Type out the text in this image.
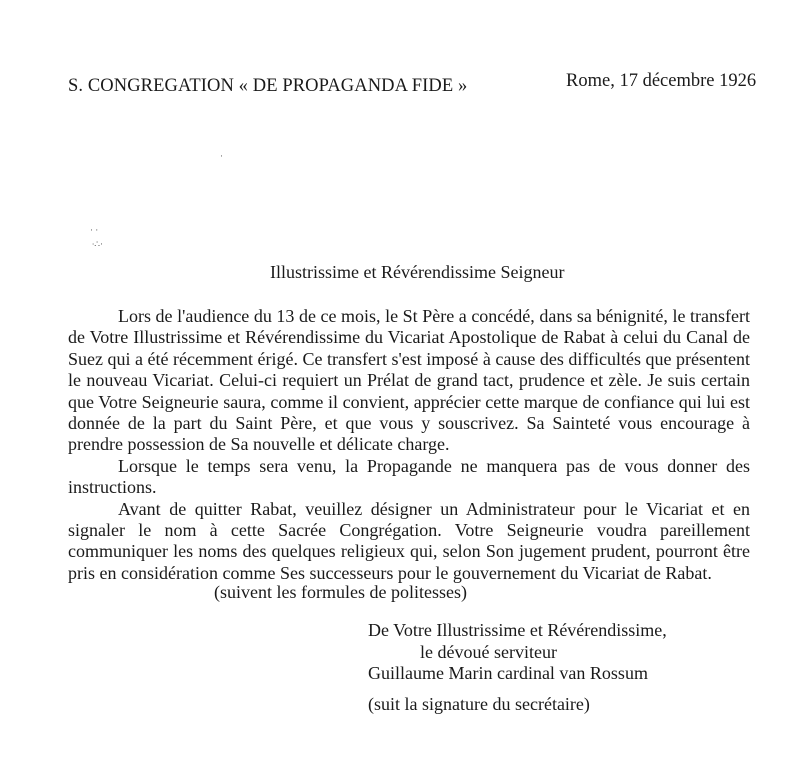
S. CONGREGATION « DE PROPAGANDA FIDE »	Rome, 17 décembre 1926
·
· ·
∙∴·
Illustrissime et Révérendissime Seigneur

Lors de l'audience du 13 de ce mois, le St Père a concédé, dans sa bénignité, le transfert de Votre Illustrissime et Révérendissime du Vicariat Apostolique de Rabat à celui du Canal de Suez qui a été récemment érigé. Ce transfert s'est imposé à cause des difficultés que présentent le nouveau Vicariat. Celui-ci requiert un Prélat de grand tact, prudence et zèle. Je suis certain que Votre Seigneurie saura, comme il convient, apprécier cette marque de confiance qui lui est donnée de la part du Saint Père, et que vous y souscrivez. Sa Sainteté vous encourage à prendre possession de Sa nouvelle et délicate charge.

Lorsque le temps sera venu, la Propagande ne manquera pas de vous donner des instructions.

Avant de quitter Rabat, veuillez désigner un Administrateur pour le Vicariat et en signaler le nom à cette Sacrée Congrégation. Votre Seigneurie voudra pareillement communiquer les noms des quelques religieux qui, selon Son jugement prudent, pourront être pris en considération comme Ses successeurs pour le gouvernement du Vicariat de Rabat.

(suivent les formules de politesses)
De Votre Illustrissime et Révérendissime,
le dévoué serviteur
Guillaume Marin cardinal van Rossum
(suit la signature du secrétaire)
